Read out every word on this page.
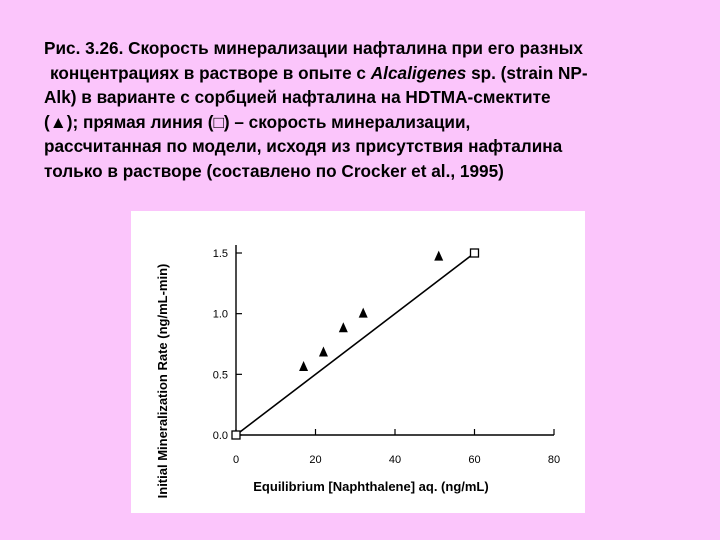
Рис. 3.26. Скорость минерализации нафталина при его разных
концентрациях в растворе в опыте с Alcaligenes sp. (strain NP-
Alk) в варианте с сорбцией нафталина на HDTMA-смектите
(▲); прямая линия (□) – скорость минерализации,
рассчитанная по модели, исходя из присутствия нафталина
только в растворе (составлено по Crocker et al., 1995)
0.0
0.5
1.0
1.5
0	20	40	60	80
Initial Mineralization Rate (ng/mL-min)	Equilibrium [Naphthalene] aq. (ng/mL)
